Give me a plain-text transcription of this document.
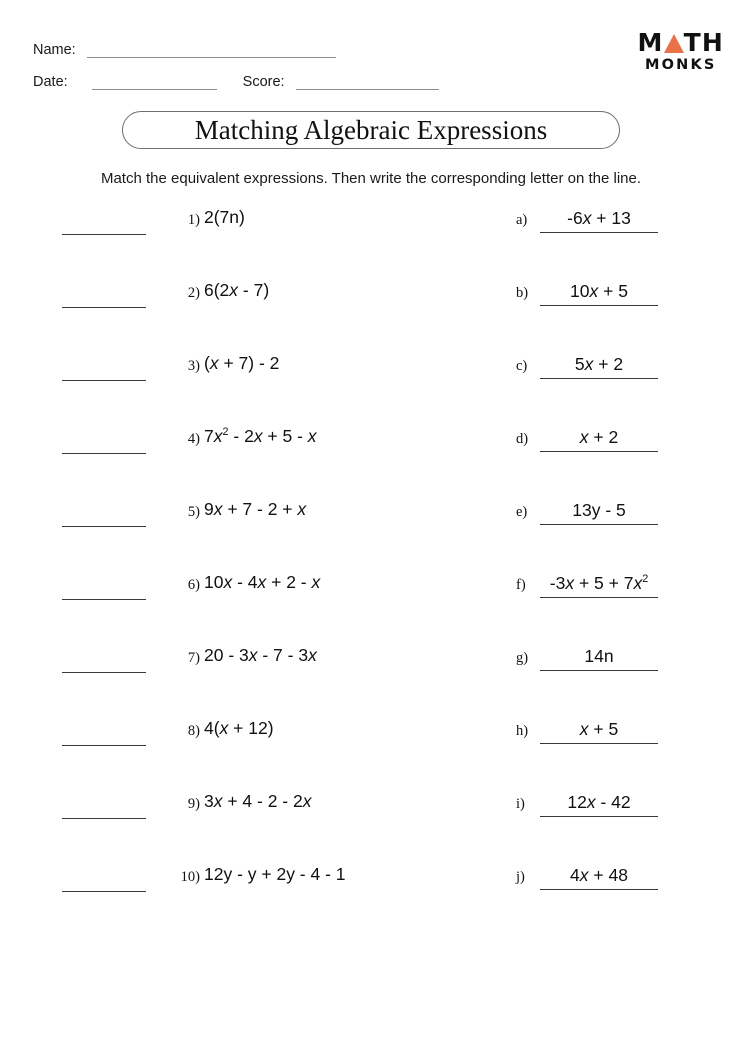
Name:
Date:	Score:
M TH
MONKS
Matching Algebraic Expressions
Match the equivalent expressions. Then write the corresponding letter on the line.
1) 2(7n)	a)	-6x + 13
2) 6(2x - 7)	b)	10x + 5
3) (x + 7) - 2	c)	5x + 2
4) $7x^2 - 2x + 5 - x$	d)	x + 2
5) 9x + 7 - 2 + x	e)	13y - 5
6) 10x - 4x + 2 - x	f)	$-3x + 5 + 7x^2$
7) 20 - 3x - 7 - 3x	g)	14n
8) 4(x + 12)	h)	x + 5
9) 3x + 4 - 2 - 2x	i)	12x - 42
10) 12y - y + 2y - 4 - 1	j)	4x + 48
